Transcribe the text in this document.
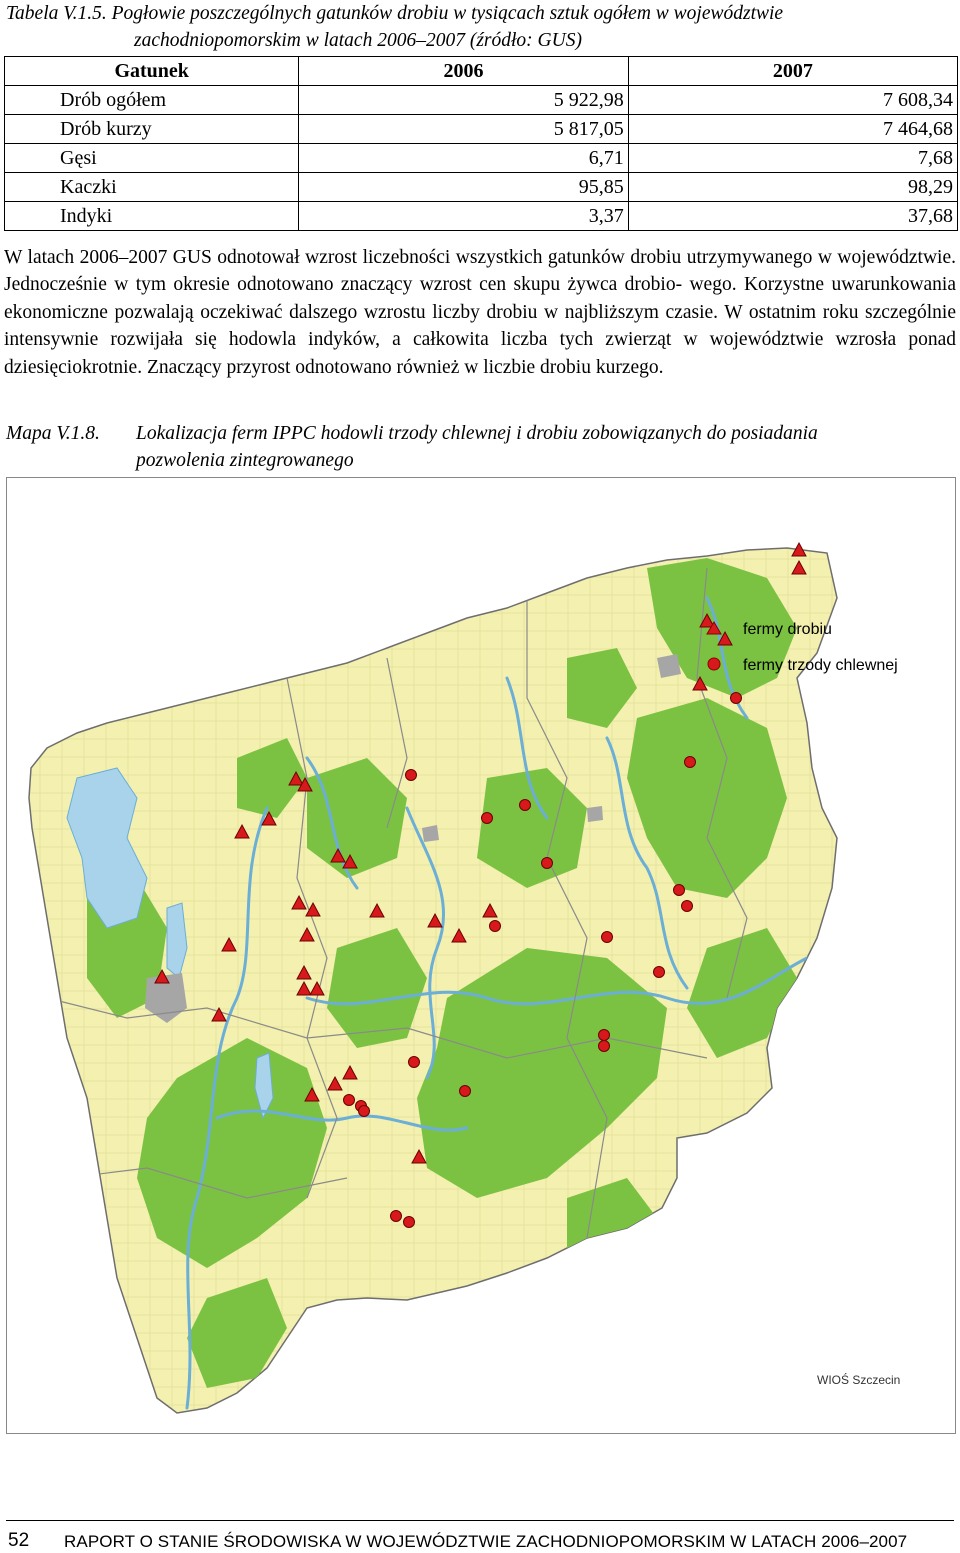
Tabela V.1.5. Pogłowie poszczególnych gatunków drobiu w tysiącach sztuk ogółem w województwie
zachodniopomorskim w latach 2006–2007 (źródło: GUS)
Gatunek	2006	2007
Drób ogółem	5 922,98	7 608,34
Drób kurzy	5 817,05	7 464,68
Gęsi	6,71	7,68
Kaczki	95,85	98,29
Indyki	3,37	37,68
W latach 2006–2007 GUS odnotował wzrost liczebności wszystkich gatunków drobiu utrzymywanego w województwie. Jednocześnie w tym okresie odnotowano znaczący wzrost cen skupu żywca drobio- wego. Korzystne uwarunkowania ekonomiczne pozwalają oczekiwać dalszego wzrostu liczby drobiu w najbliższym czasie. W ostatnim roku szczególnie intensywnie rozwijała się hodowla indyków, a całkowita liczba tych zwierząt w województwie wzrosła ponad dziesięciokrotnie. Znaczący przyrost odnotowano również w liczbie drobiu kurzego.
Mapa V.1.8.	Lokalizacja ferm IPPC hodowli trzody chlewnej i drobiu zobowiązanych do posiadania
pozwolenia zintegrowanego
fermy drobiu
fermy trzody chlewnej
WIOŚ Szczecin
52 RAPORT O STANIE ŚRODOWISKA W WOJEWÓDZTWIE ZACHODNIOPOMORSKIM W LATACH 2006–2007
